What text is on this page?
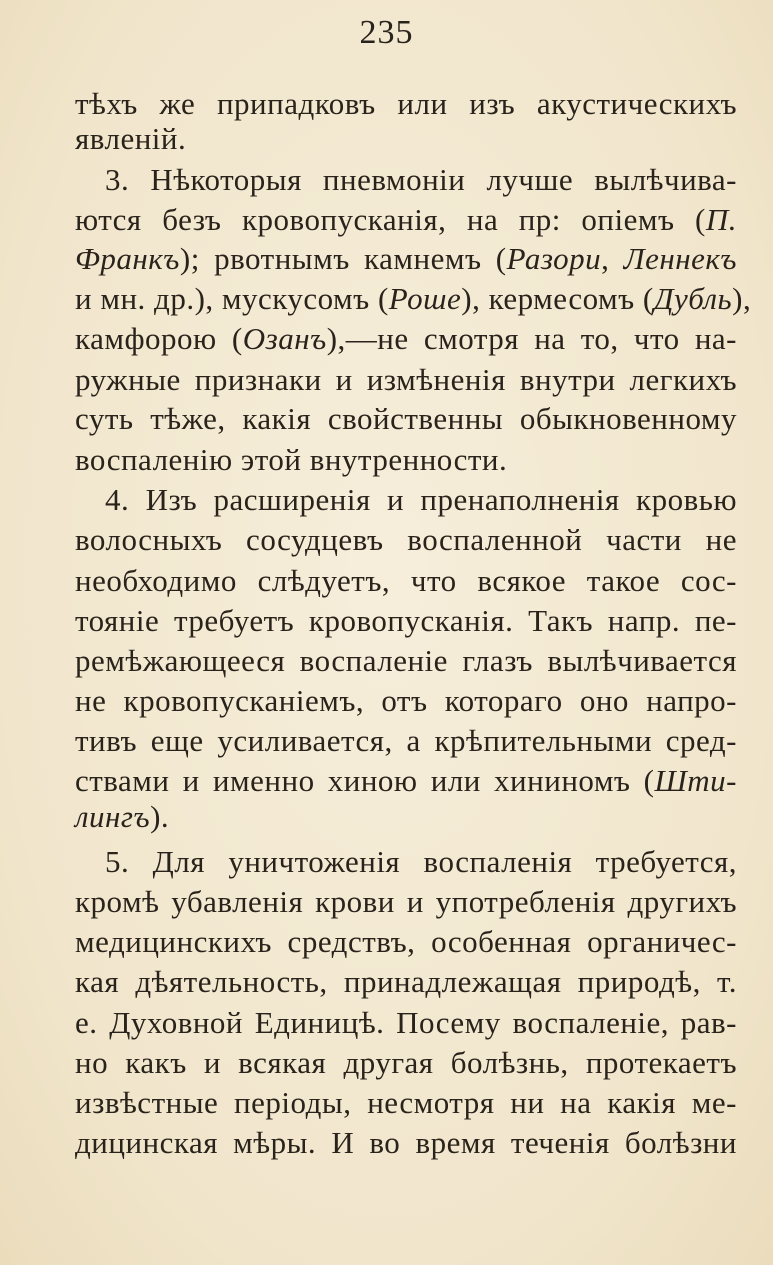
235
тѣхъ же припадковъ или изъ акустическихъ
явленій.
3. Нѣкоторыя пневмоніи лучше вылѣчива-
ются безъ кровопусканія, на пр: опіемъ (П.
Франкъ); рвотнымъ камнемъ (Разори, Леннекъ
и мн. др.), мускусомъ (Роше), кермесомъ (Дубль),
камфорою (Озанъ),—не смотря на то, что на-
ружные признаки и измѣненія внутри легкихъ
суть тѣже, какія свойственны обыкновенному
воспаленію этой внутренности.
4. Изъ расширенія и пренаполненія кровью
волосныхъ сосудцевъ воспаленной части не
необходимо слѣдуетъ, что всякое такое сос-
тояніе требуетъ кровопусканія. Такъ напр. пе-
ремѣжающееся воспаленіе глазъ вылѣчивается
не кровопусканіемъ, отъ котораго оно напро-
тивъ еще усиливается, а крѣпительными сред-
ствами и именно хиною или хининомъ (Шти-
лингъ).
5. Для уничтоженія воспаленія требуется,
кромѣ убавленія крови и употребленія другихъ
медицинскихъ средствъ, особенная органичес-
кая дѣятельность, принадлежащая природѣ, т.
е. Духовной Единицѣ. Посему воспаленіе, рав-
но какъ и всякая другая болѣзнь, протекаетъ
извѣстные періоды, несмотря ни на какія ме-
дицинская мѣры. И во время теченія болѣзни
